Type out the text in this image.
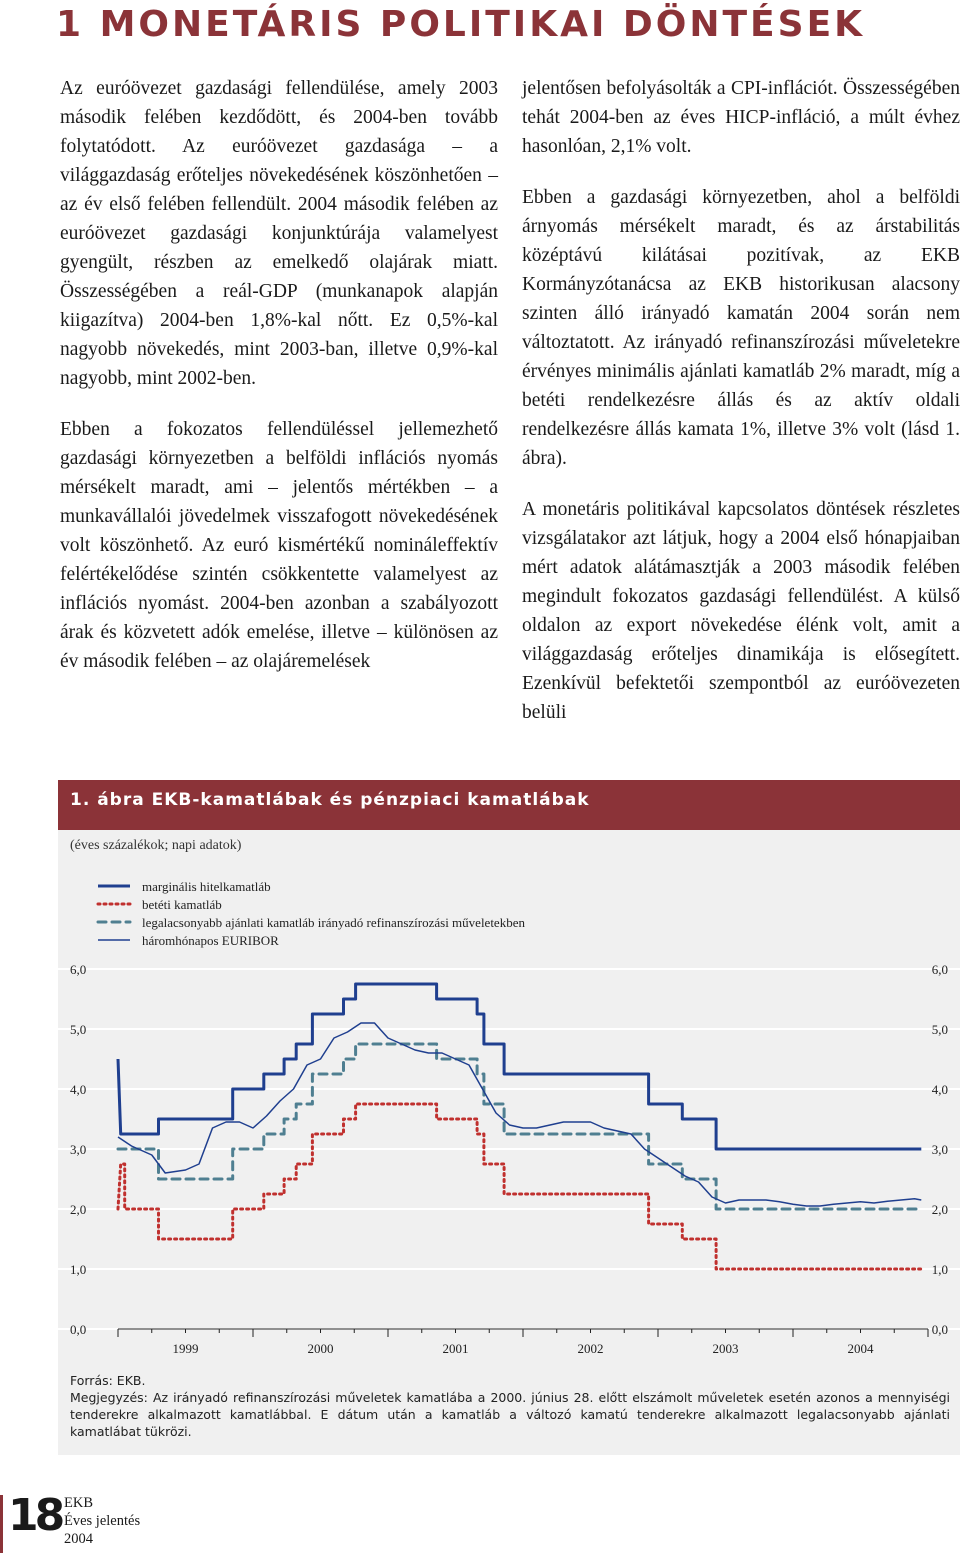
1 MONETÁRIS POLITIKAI DÖNTÉSEK

Az euróövezet gazdasági fellendülése, amely 2003 második felében kezdődött, és 2004-ben tovább folytatódott. Az euróövezet gazdasága – a világgazdaság erőteljes növekedésének köszönhetően – az év első felében fellendült. 2004 második felében az euróövezet gazdasági konjunktúrája valamelyest gyengült, részben az emelkedő olajárak miatt. Összességében a reál-GDP (munkanapok alapján kiigazítva) 2004-ben 1,8%-kal nőtt. Ez 0,5%-kal nagyobb növekedés, mint 2003-ban, illetve 0,9%-kal nagyobb, mint 2002-ben.

Ebben a fokozatos fellendüléssel jellemezhető gazdasági környezetben a belföldi inflációs nyomás mérsékelt maradt, ami – jelentős mértékben – a munkavállalói jövedelmek visszafogott növekedésének volt köszönhető. Az euró kismértékű nominálеffektív felértékelődése szintén csökkentette valamelyest az inflációs nyomást. 2004-ben azonban a szabályozott árak és közvetett adók emelése, illetve – különösen az év második felében – az olajáremelések

jelentősen befolyásolták a CPI-inflációt. Összességében tehát 2004-ben az éves HICP-infláció, a múlt évhez hasonlóan, 2,1% volt.

Ebben a gazdasági környezetben, ahol a belföldi árnyomás mérsékelt maradt, és az árstabilitás középtávú kilátásai pozitívak, az EKB Kormányzótanácsa az EKB historikusan alacsony szinten álló irányadó kamatán 2004 során nem változtatott. Az irányadó refinanszírozási műveletekre érvényes minimális ajánlati kamatláb 2% maradt, míg a betéti rendelkezésre állás és az aktív oldali rendelkezésre állás kamata 1%, illetve 3% volt (lásd 1. ábra).

A monetáris politikával kapcsolatos döntések részletes vizsgálatakor azt látjuk, hogy a 2004 első hónapjaiban mért adatok alátámasztják a 2003 második felében megindult fokozatos gazdasági fellendülést. A külső oldalon az export növekedése élénk volt, amit a világgazdaság erőteljes dinamikája is elősegített. Ezenkívül befektetői szempontból az euróövezeten belüli

1. ábra EKB-kamatlábak és pénzpiaci kamatlábak
(éves százalékok; napi adatok)
6,0	6,0
5,0	5,0
4,0	4,0
3,0	3,0
2,0	2,0
1,0	1,0
0,0	0,0
1999	2000	2001	2002	2003	2004
marginális hitelkamatláb
betéti kamatláb
legalacsonyabb ajánlati kamatláb irányadó refinanszírozási műveletekben
háromhónapos EURIBOR
Forrás: EKB.
Megjegyzés: Az irányadó refinanszírozási műveletek kamatlába a 2000. június 28. előtt elszámolt műveletek esetén azonos a mennyiségi tenderekre alkalmazott kamatlábbal. E dátum után a kamatláb a változó kamatú tenderekre alkalmazott legalacsonyabb ajánlati kamatlábat tükrözi.
18 EKB
Éves jelentés
2004
